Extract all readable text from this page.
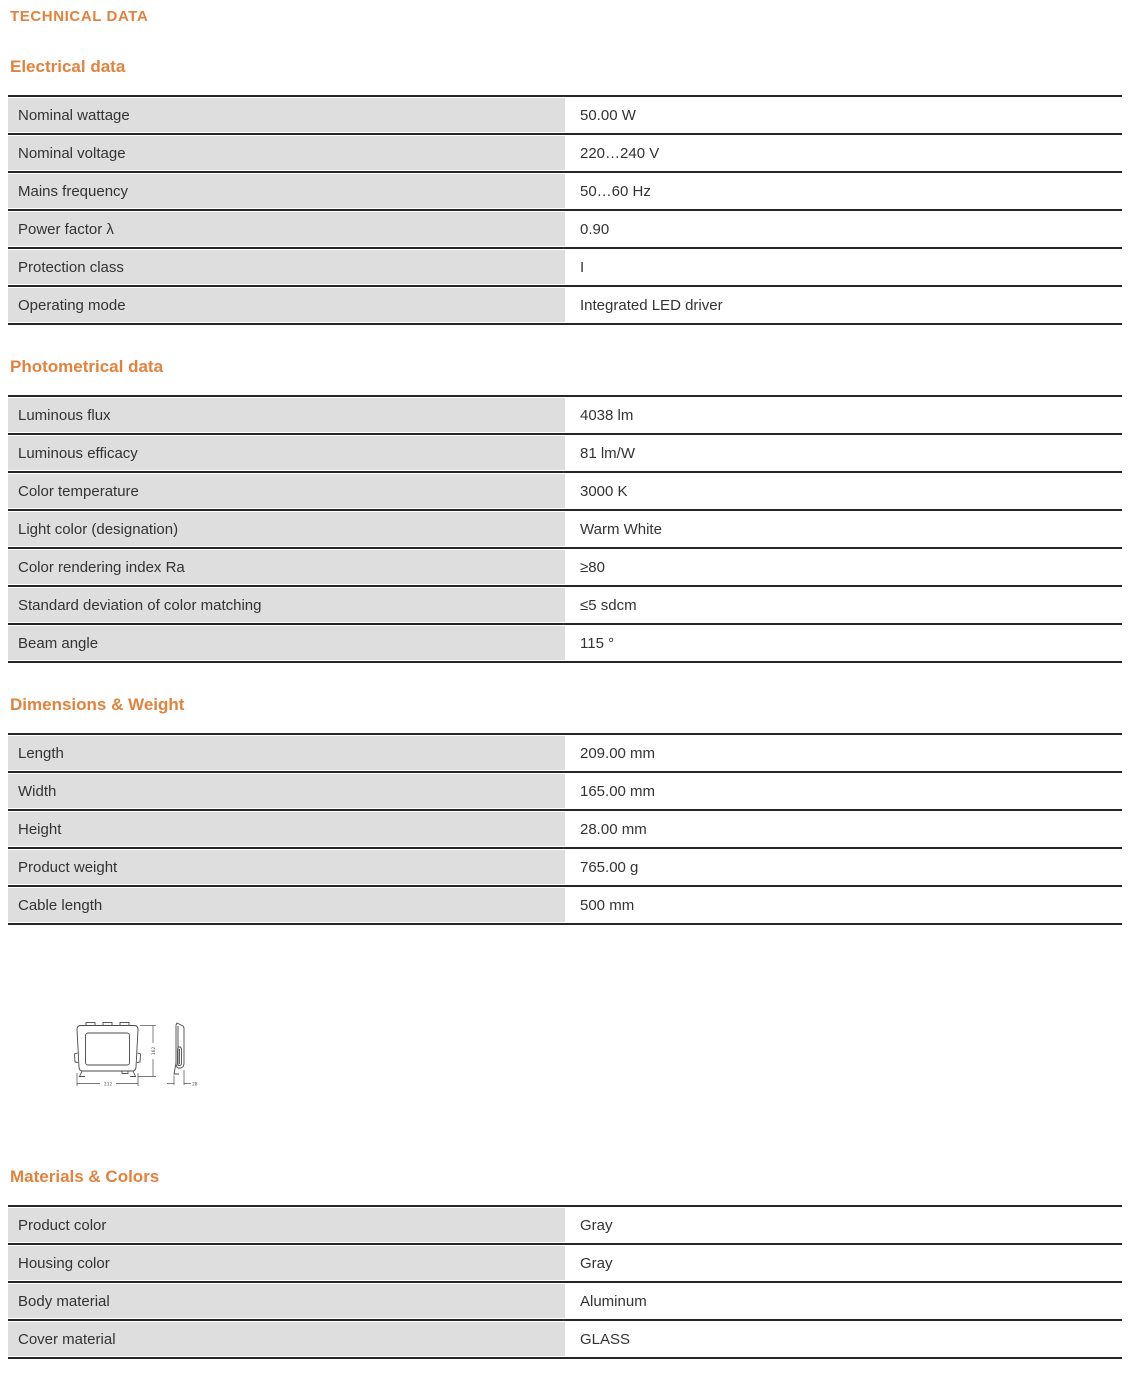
TECHNICAL DATA
Electrical data
Nominal wattage	50.00 W
Nominal voltage	220…240 V
Mains frequency	50…60 Hz
Power factor λ	0.90
Protection class	I
Operating mode	Integrated LED driver
Photometrical data
Luminous flux	4038 lm
Luminous efficacy	81 lm/W
Color temperature	3000 K
Light color (designation)	Warm White
Color rendering index Ra	≥80
Standard deviation of color matching	≤5 sdcm
Beam angle	115 °
Dimensions & Weight
Length	209.00 mm
Width	165.00 mm
Height	28.00 mm
Product weight	765.00 g
Cable length	500 mm
212
162
28
Materials & Colors
Product color	Gray
Housing color	Gray
Body material	Aluminum
Cover material	GLASS
